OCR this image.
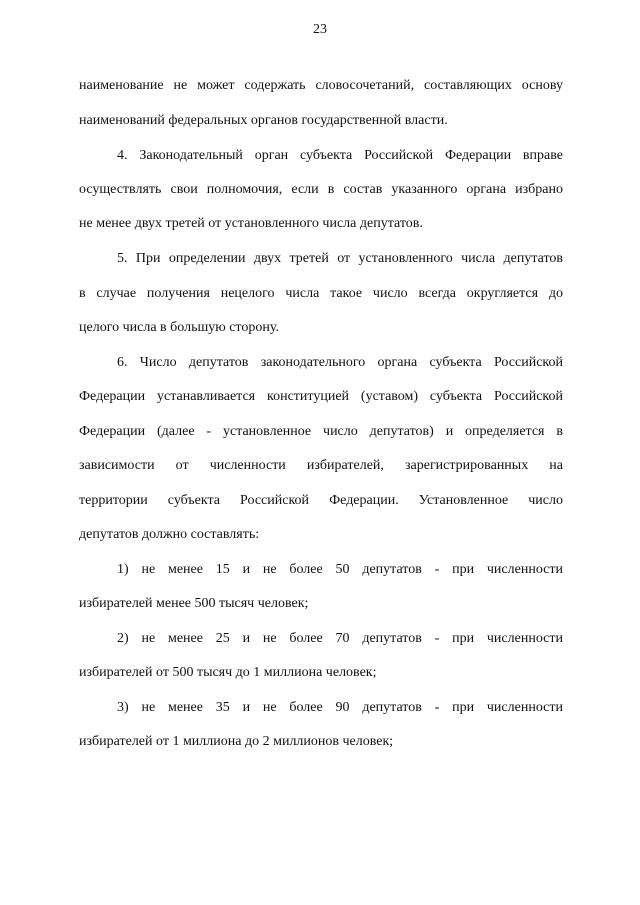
23
наименование не может содержать словосочетаний, составляющих основу
наименований федеральных органов государственной власти.
4. Законодательный орган субъекта Российской Федерации вправе
осуществлять свои полномочия, если в состав указанного органа избрано
не менее двух третей от установленного числа депутатов.
5. При определении двух третей от установленного числа депутатов
в случае получения нецелого числа такое число всегда округляется до
целого числа в большую сторону.
6. Число депутатов законодательного органа субъекта Российской
Федерации устанавливается конституцией (уставом) субъекта Российской
Федерации (далее - установленное число депутатов) и определяется в
зависимости от численности избирателей, зарегистрированных на
территории субъекта Российской Федерации. Установленное число
депутатов должно составлять:
1) не менее 15 и не более 50 депутатов - при численности
избирателей менее 500 тысяч человек;
2) не менее 25 и не более 70 депутатов - при численности
избирателей от 500 тысяч до 1 миллиона человек;
3) не менее 35 и не более 90 депутатов - при численности
избирателей от 1 миллиона до 2 миллионов человек;
